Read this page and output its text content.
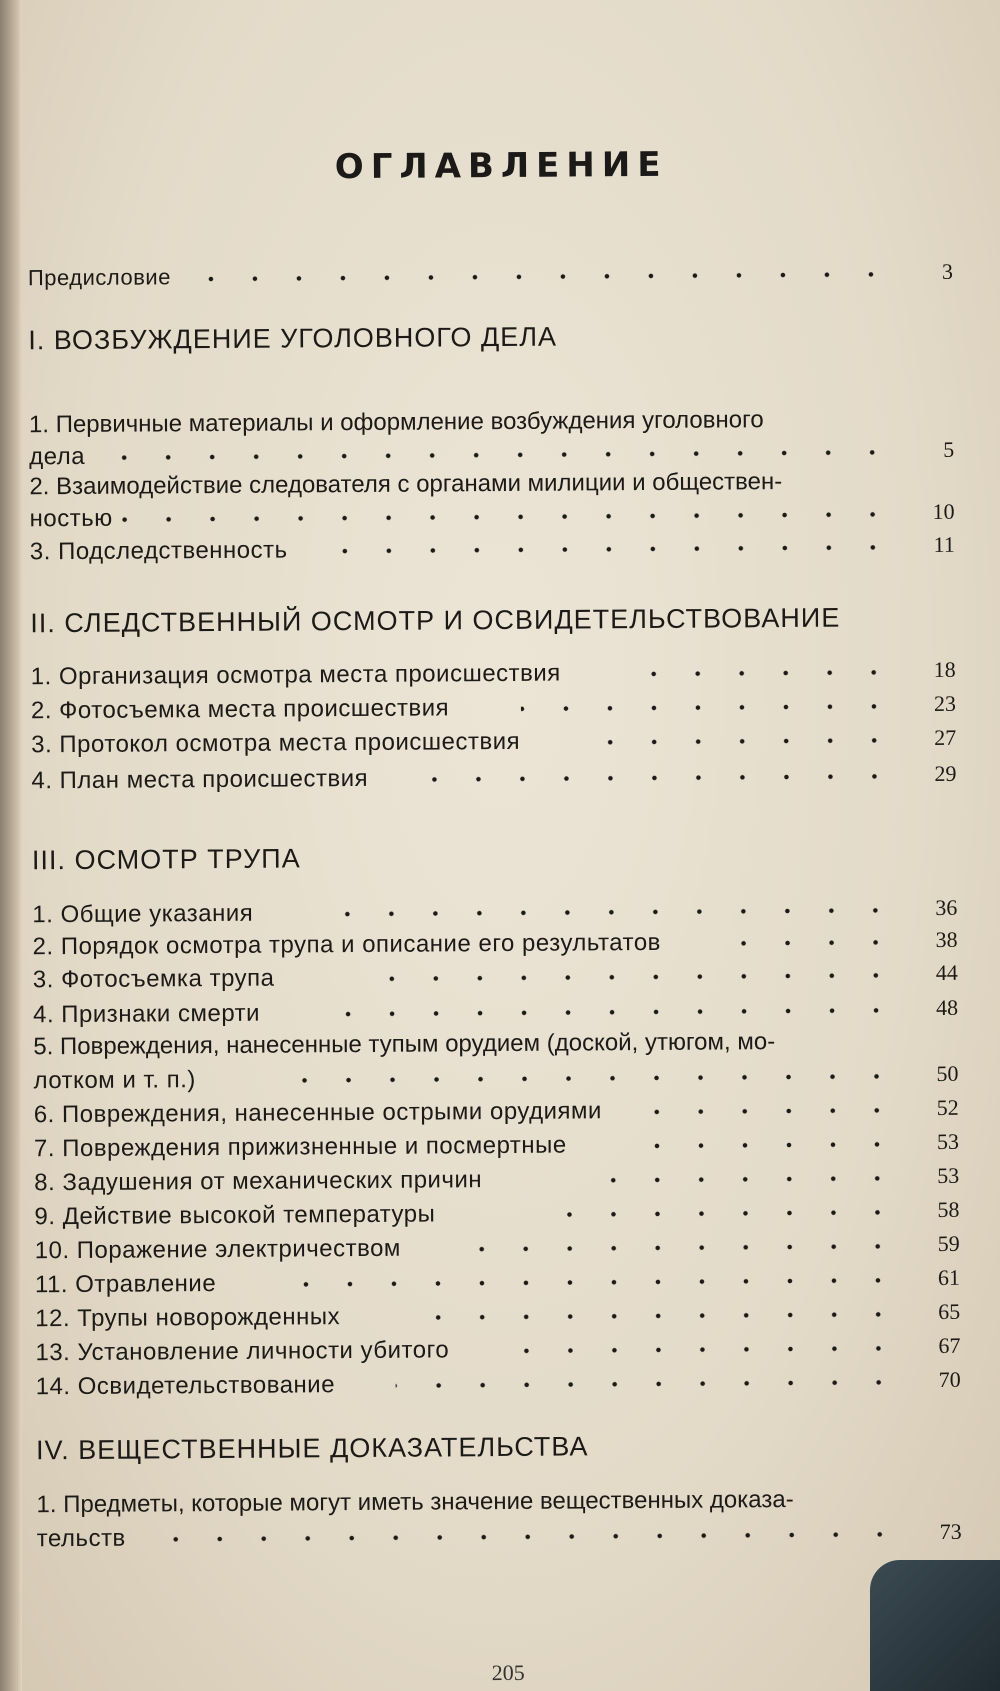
ОГЛАВЛЕНИЕ
Предисловие	3
I. ВОЗБУЖДЕНИЕ УГОЛОВНОГО ДЕЛА
1. Первичные материалы и оформление возбуждения уголовного
дела	5
2. Взаимодействие следователя с органами милиции и обществен-
ностью	10
3. Подследственность	11
II. СЛЕДСТВЕННЫЙ ОСМОТР И ОСВИДЕТЕЛЬСТВОВАНИЕ
1. Организация осмотра места происшествия	18
2. Фотосъемка места происшествия	23
3. Протокол осмотра места происшествия	27
4. План места происшествия	29
III. ОСМОТР ТРУПА
1. Общие указания	36
2. Порядок осмотра трупа и описание его результатов	38
3. Фотосъемка трупа	44
4. Признаки смерти	48
5. Повреждения, нанесенные тупым орудием (доской, утюгом, мо-
лотком и т. п.)	50
6. Повреждения, нанесенные острыми орудиями	52
7. Повреждения прижизненные и посмертные	53
8. Задушения от механических причин	53
9. Действие высокой температуры	58
10. Поражение электричеством	59
11. Отравление	61
12. Трупы новорожденных	65
13. Установление личности убитого	67
14. Освидетельствование	70
IV. ВЕЩЕСТВЕННЫЕ ДОКАЗАТЕЛЬСТВА
1. Предметы, которые могут иметь значение вещественных доказа-
тельств	73
205
